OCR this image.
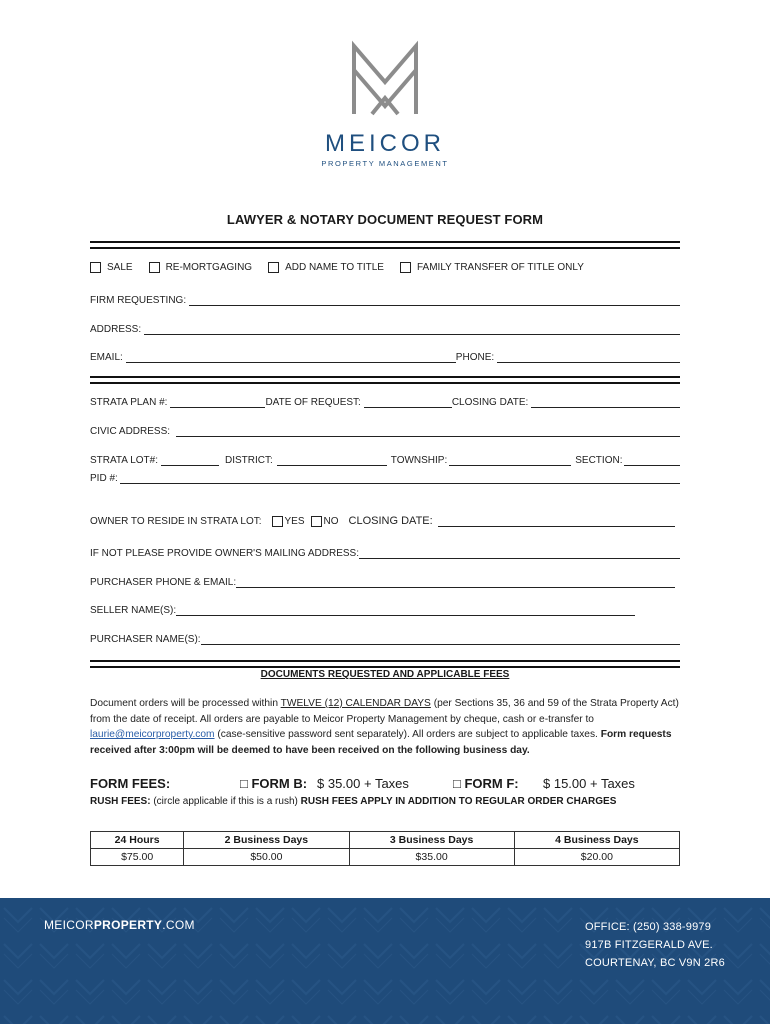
MEICOR
PROPERTY MANAGEMENT
LAWYER & NOTARY DOCUMENT REQUEST FORM
SALE	RE-MORTGAGING	ADD NAME TO TITLE	FAMILY TRANSFER OF TITLE ONLY
FIRM REQUESTING:
ADDRESS:
EMAIL:	PHONE:
STRATA PLAN #:	DATE OF REQUEST:	CLOSING DATE:
CIVIC ADDRESS:
STRATA LOT#:	DISTRICT:	TOWNSHIP:	SECTION:
PID #:
OWNER TO RESIDE IN STRATA LOT: YES NO CLOSING DATE:
IF NOT PLEASE PROVIDE OWNER'S MAILING ADDRESS:
PURCHASER PHONE & EMAIL:
SELLER NAME(S):
PURCHASER NAME(S):
DOCUMENTS REQUESTED AND APPLICABLE FEES
Document orders will be processed within TWELVE (12) CALENDAR DAYS (per Sections 35, 36 and 59 of the Strata Property Act) from the date of receipt. All orders are payable to Meicor Property Management by cheque, cash or e-transfer to laurie@meicorproperty.com (case-sensitive password sent separately). All orders are subject to applicable taxes. Form requests received after 3:00pm will be deemed to have been received on the following business day.
FORM FEES:	□ FORM B: $ 35.00 + Taxes	□ FORM F: $ 15.00 + Taxes
RUSH FEES: (circle applicable if this is a rush) RUSH FEES APPLY IN ADDITION TO REGULAR ORDER CHARGES
24 Hours	2 Business Days	3 Business Days	4 Business Days
$75.00	$50.00	$35.00	$20.00
MEICORPROPERTY.COM	OFFICE: (250) 338-9979
917B FITZGERALD AVE.
COURTENAY, BC V9N 2R6
